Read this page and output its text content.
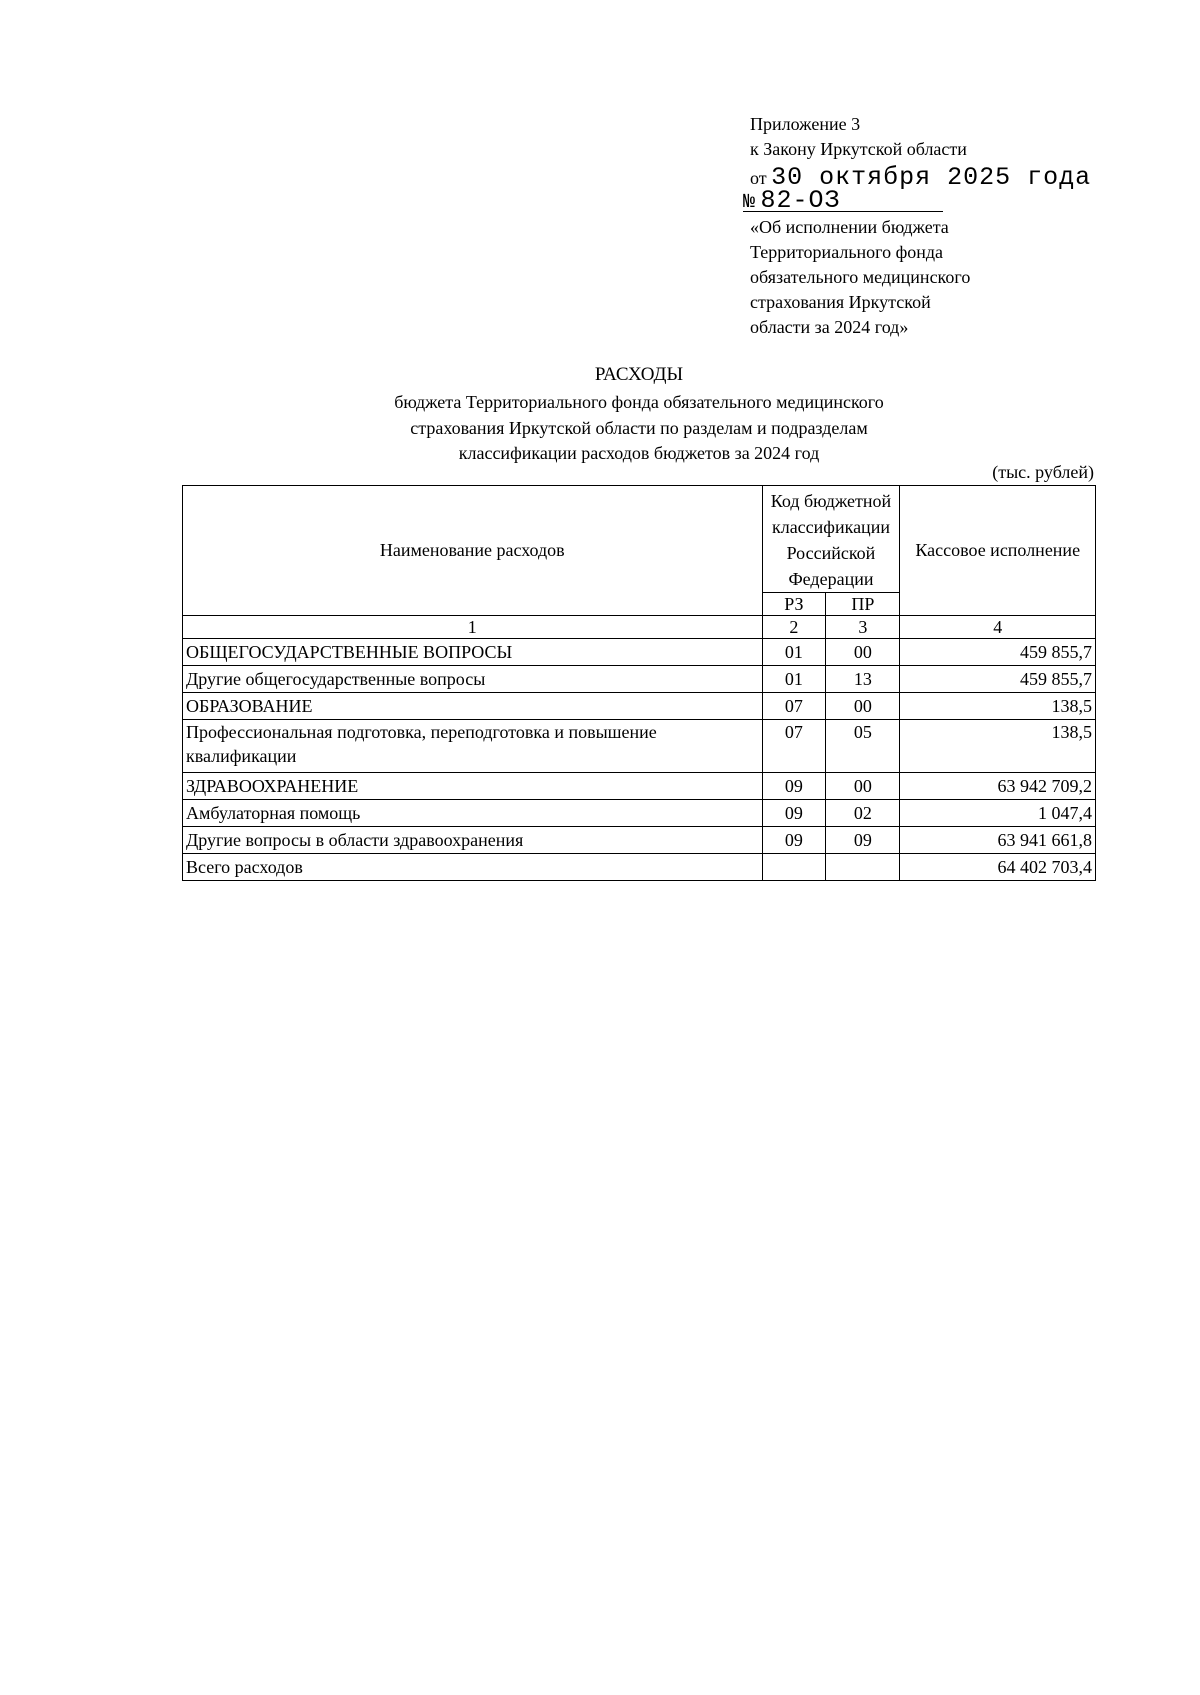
Приложение 3
к Закону Иркутской области
от 30 октября 2025 года
№ 82-ОЗ
«Об исполнении бюджета
Территориального фонда
обязательного медицинского
страхования Иркутской
области за 2024 год»
РАСХОДЫ
бюджета Территориального фонда обязательного медицинского
страхования Иркутской области по разделам и подразделам
классификации расходов бюджетов за 2024 год
(тыс. рублей)
Наименование расходов	Код бюджетной классификации Российской Федерации		Кассовое исполнение
	РЗ	ПР	
1	2	3	4
ОБЩЕГОСУДАРСТВЕННЫЕ ВОПРОСЫ	01	00	459 855,7
Другие общегосударственные вопросы	01	13	459 855,7
ОБРАЗОВАНИЕ	07	00	138,5
Профессиональная подготовка, переподготовка и повышение квалификации	07	05	138,5
ЗДРАВООХРАНЕНИЕ	09	00	63 942 709,2
Амбулаторная помощь	09	02	1 047,4
Другие вопросы в области здравоохранения	09	09	63 941 661,8
Всего расходов			64 402 703,4
